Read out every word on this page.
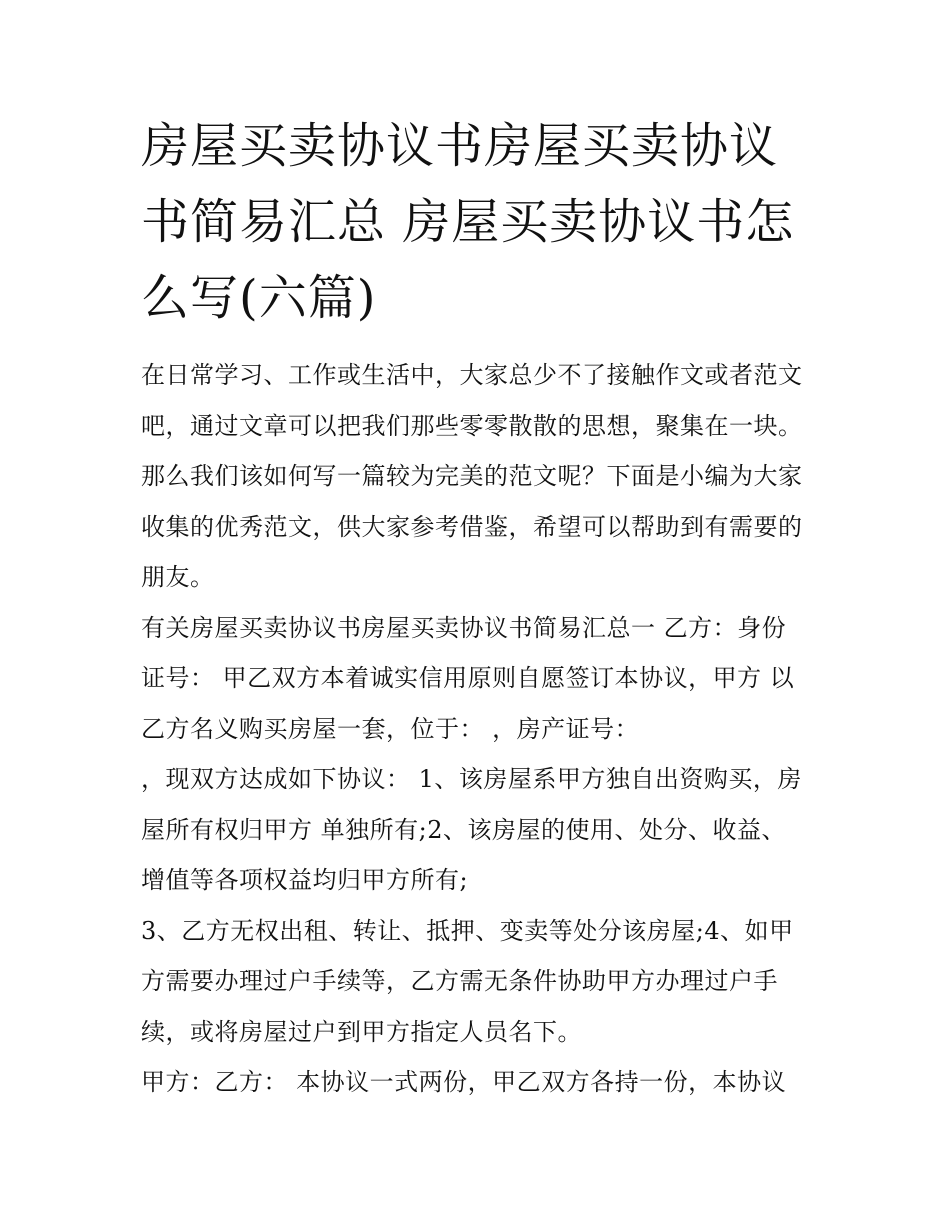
房屋买卖协议书房屋买卖协议
书简易汇总 房屋买卖协议书怎
么写(六篇)
在日常学习、工作或生活中，大家总少不了接触作文或者范文
吧，通过文章可以把我们那些零零散散的思想，聚集在一块。
那么我们该如何写一篇较为完美的范文呢？下面是小编为大家
收集的优秀范文，供大家参考借鉴，希望可以帮助到有需要的
朋友。
有关房屋买卖协议书房屋买卖协议书简易汇总一 乙方：身份
证号： 甲乙双方本着诚实信用原则自愿签订本协议，甲方 以
乙方名义购买房屋一套，位于： ，房产证号：
，现双方达成如下协议： 1、该房屋系甲方独自出资购买，房
屋所有权归甲方 单独所有;2、该房屋的使用、处分、收益、
增值等各项权益均归甲方所有;
3、乙方无权出租、转让、抵押、变卖等处分该房屋;4、如甲
方需要办理过户手续等，乙方需无条件协助甲方办理过户手
续，或将房屋过户到甲方指定人员名下。
甲方：乙方： 本协议一式两份，甲乙双方各持一份，本协议
